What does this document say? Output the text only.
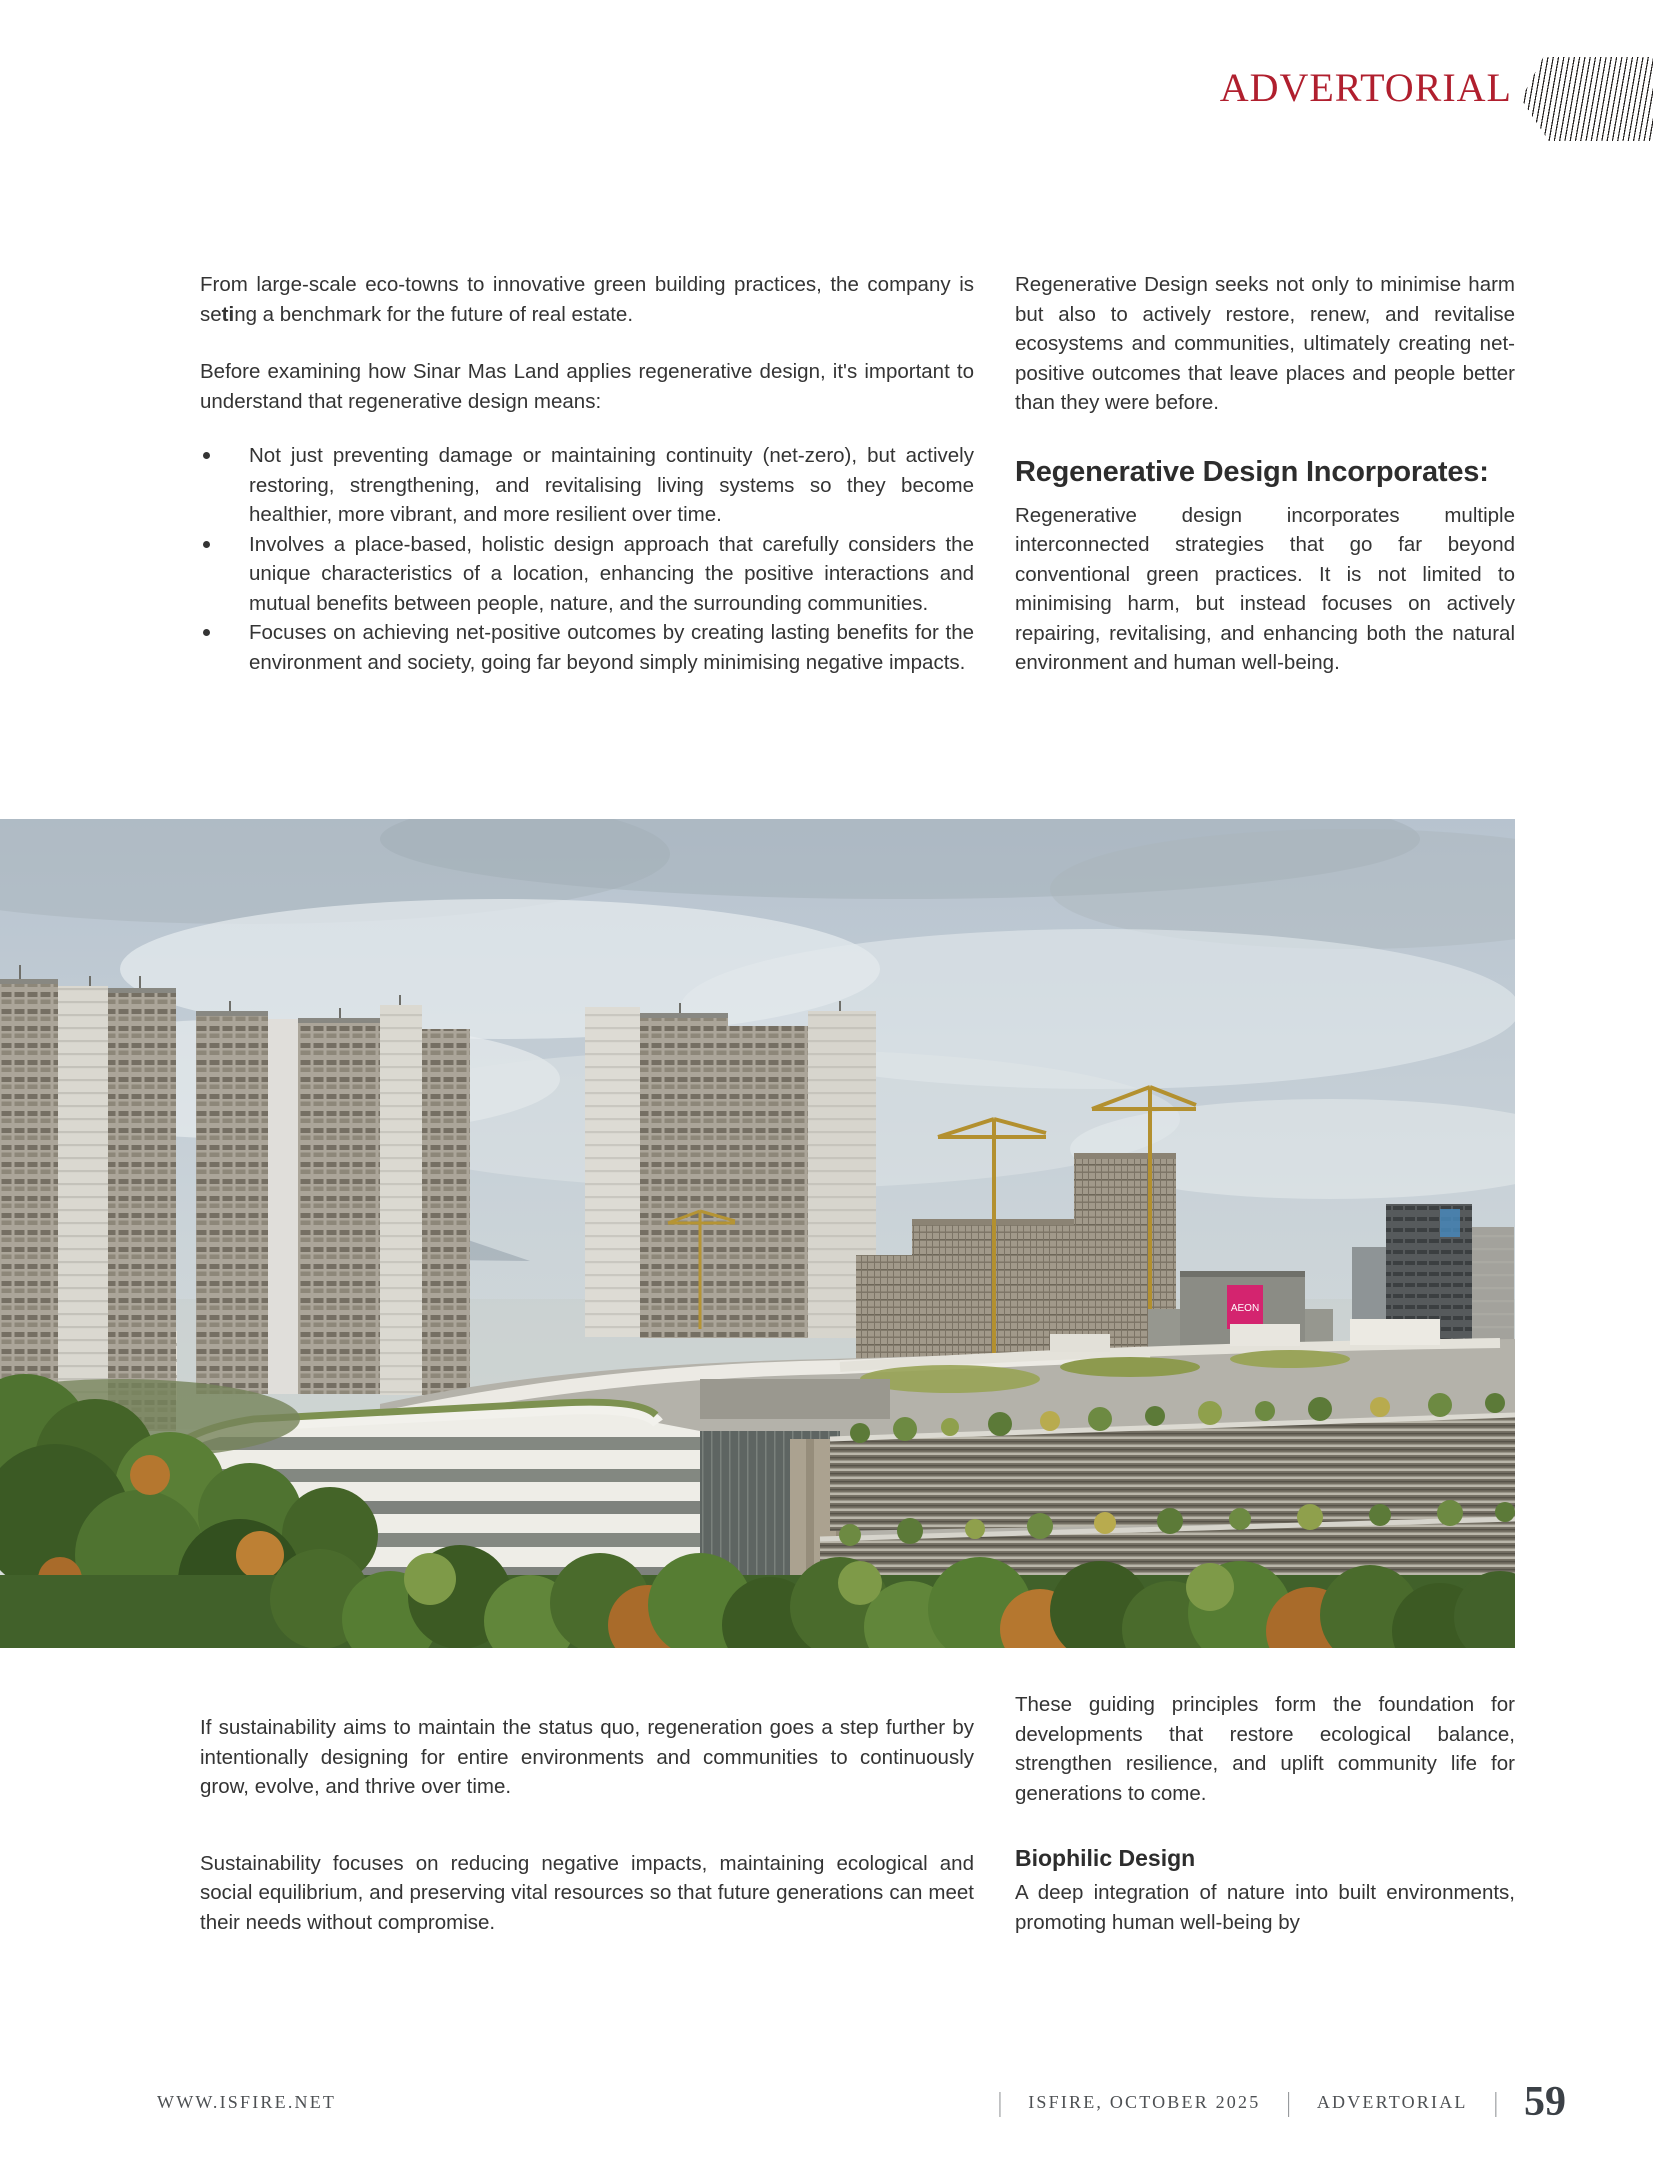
ADVERTORIAL

From large-scale eco-towns to innovative green building practices, the company is seting a benchmark for the future of real estate.

Before examining how Sinar Mas Land applies regenerative design, it's important to understand that regenerative design means:

Not just preventing damage or maintaining continuity (net-zero), but actively restoring, strengthening, and revitalising living systems so they become healthier, more vibrant, and more resilient over time.
Involves a place-based, holistic design approach that carefully considers the unique characteristics of a location, enhancing the positive interactions and mutual benefits between people, nature, and the surrounding communities.
Focuses on achieving net-positive outcomes by creating lasting benefits for the environment and society, going far beyond simply minimising negative impacts.

Regenerative Design seeks not only to minimise harm but also to actively restore, renew, and revitalise ecosystems and communities, ultimately creating net-positive outcomes that leave places and people better than they were before.

Regenerative Design Incorporates:

Regenerative design incorporates multiple interconnected strategies that go far beyond conventional green practices. It is not limited to minimising harm, but instead focuses on actively repairing, revitalising, and enhancing both the natural environment and human well-being.

AEON

If sustainability aims to maintain the status quo, regeneration goes a step further by intentionally designing for entire environments and communities to continuously grow, evolve, and thrive over time.

Sustainability focuses on reducing negative impacts, maintaining ecological and social equilibrium, and preserving vital resources so that future generations can meet their needs without compromise.

These guiding principles form the foundation for developments that restore ecological balance, strengthen resilience, and uplift community life for generations to come.

Biophilic Design

A deep integration of nature into built environments, promoting human well-being by

WWW.ISFIRE.NET	| ISFIRE, OCTOBER 2025 | ADVERTORIAL | 59
